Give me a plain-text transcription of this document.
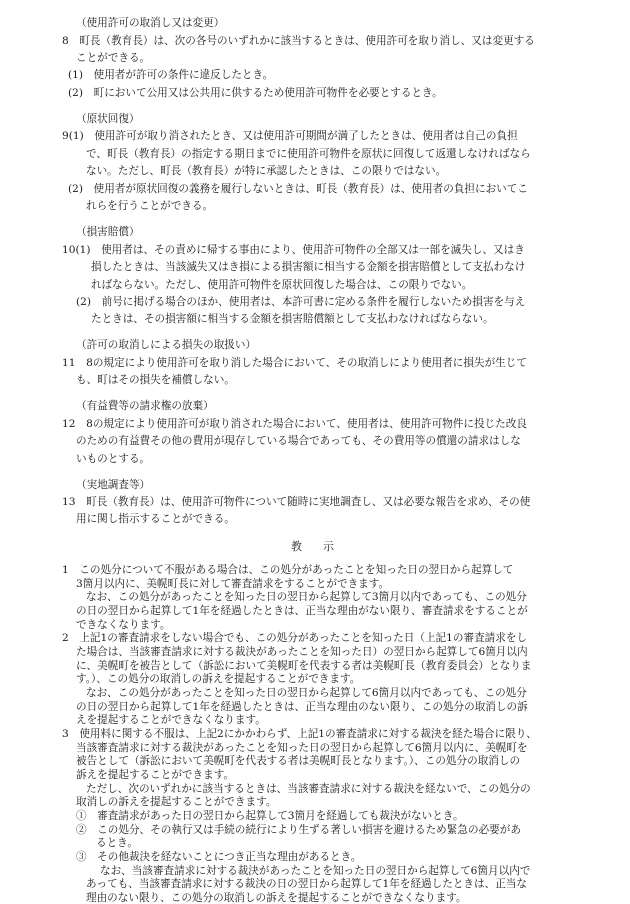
（使用許可の取消し又は変更）
8　町長（教育長）は、次の各号のいずれかに該当するときは、使用許可を取り消し、又は変更する
ことができる。
(1)　使用者が許可の条件に違反したとき。
(2)　町において公用又は公共用に供するため使用許可物件を必要とするとき。
（原状回復）
9(1)　使用許可が取り消されたとき、又は使用許可期間が満了したときは、使用者は自己の負担
で、町長（教育長）の指定する期日までに使用許可物件を原状に回復して返還しなければなら
ない。ただし、町長（教育長）が特に承認したときは、この限りではない。
(2)　使用者が原状回復の義務を履行しないときは、町長（教育長）は、使用者の負担においてこ
れらを行うことができる。
（損害賠償）
10(1)　使用者は、その責めに帰する事由により、使用許可物件の全部又は一部を滅失し、又はき
損したときは、当該滅失又はき損による損害額に相当する金額を損害賠償として支払わなけ
ればならない。ただし、使用許可物件を原状回復した場合は、この限りでない。
(2)　前号に掲げる場合のほか、使用者は、本許可書に定める条件を履行しないため損害を与え
たときは、その損害額に相当する金額を損害賠償額として支払わなければならない。
（許可の取消しによる損失の取扱い）
11　8の規定により使用許可を取り消した場合において、その取消しにより使用者に損失が生じて
も、町はその損失を補償しない。
（有益費等の請求権の放棄）
12　8の規定により使用許可が取り消された場合において、使用者は、使用許可物件に投じた改良
のための有益費その他の費用が現存している場合であっても、その費用等の償還の請求はしな
いものとする。
（実地調査等）
13　町長（教育長）は、使用許可物件について随時に実地調査し、又は必要な報告を求め、その使
用に関し指示することができる。
教　示
1　この処分について不服がある場合は、この処分があったことを知った日の翌日から起算して
3箇月以内に、美幌町長に対して審査請求をすることができます。
なお、この処分があったことを知った日の翌日から起算して3箇月以内であっても、この処分
の日の翌日から起算して1年を経過したときは、正当な理由がない限り、審査請求をすることが
できなくなります。
2　上記1の審査請求をしない場合でも、この処分があったことを知った日（上記1の審査請求をし
た場合は、当該審査請求に対する裁決があったことを知った日）の翌日から起算して6箇月以内
に、美幌町を被告として（訴訟において美幌町を代表する者は美幌町長（教育委員会）となりま
す。）、この処分の取消しの訴えを提起することができます。
なお、この処分があったことを知った日の翌日から起算して6箇月以内であっても、この処分
の日の翌日から起算して1年を経過したときは、正当な理由のない限り、この処分の取消しの訴
えを提起することができなくなります。
3　使用料に関する不服は、上記2にかかわらず、上記1の審査請求に対する裁決を経た場合に限り、
当該審査請求に対する裁決があったことを知った日の翌日から起算して6箇月以内に、美幌町を
被告として（訴訟において美幌町を代表する者は美幌町長となります。）、この処分の取消しの
訴えを提起することができます。
ただし、次のいずれかに該当するときは、当該審査請求に対する裁決を経ないで、この処分の
取消しの訴えを提起することができます。
①　審査請求があった日の翌日から起算して3箇月を経過しても裁決がないとき。
②　この処分、その執行又は手続の続行により生ずる著しい損害を避けるため緊急の必要があ
るとき。
③　その他裁決を経ないことにつき正当な理由があるとき。
なお、当該審査請求に対する裁決があったことを知った日の翌日から起算して6箇月以内で
あっても、当該審査請求に対する裁決の日の翌日から起算して1年を経過したときは、正当な
理由のない限り、この処分の取消しの訴えを提起することができなくなります。
